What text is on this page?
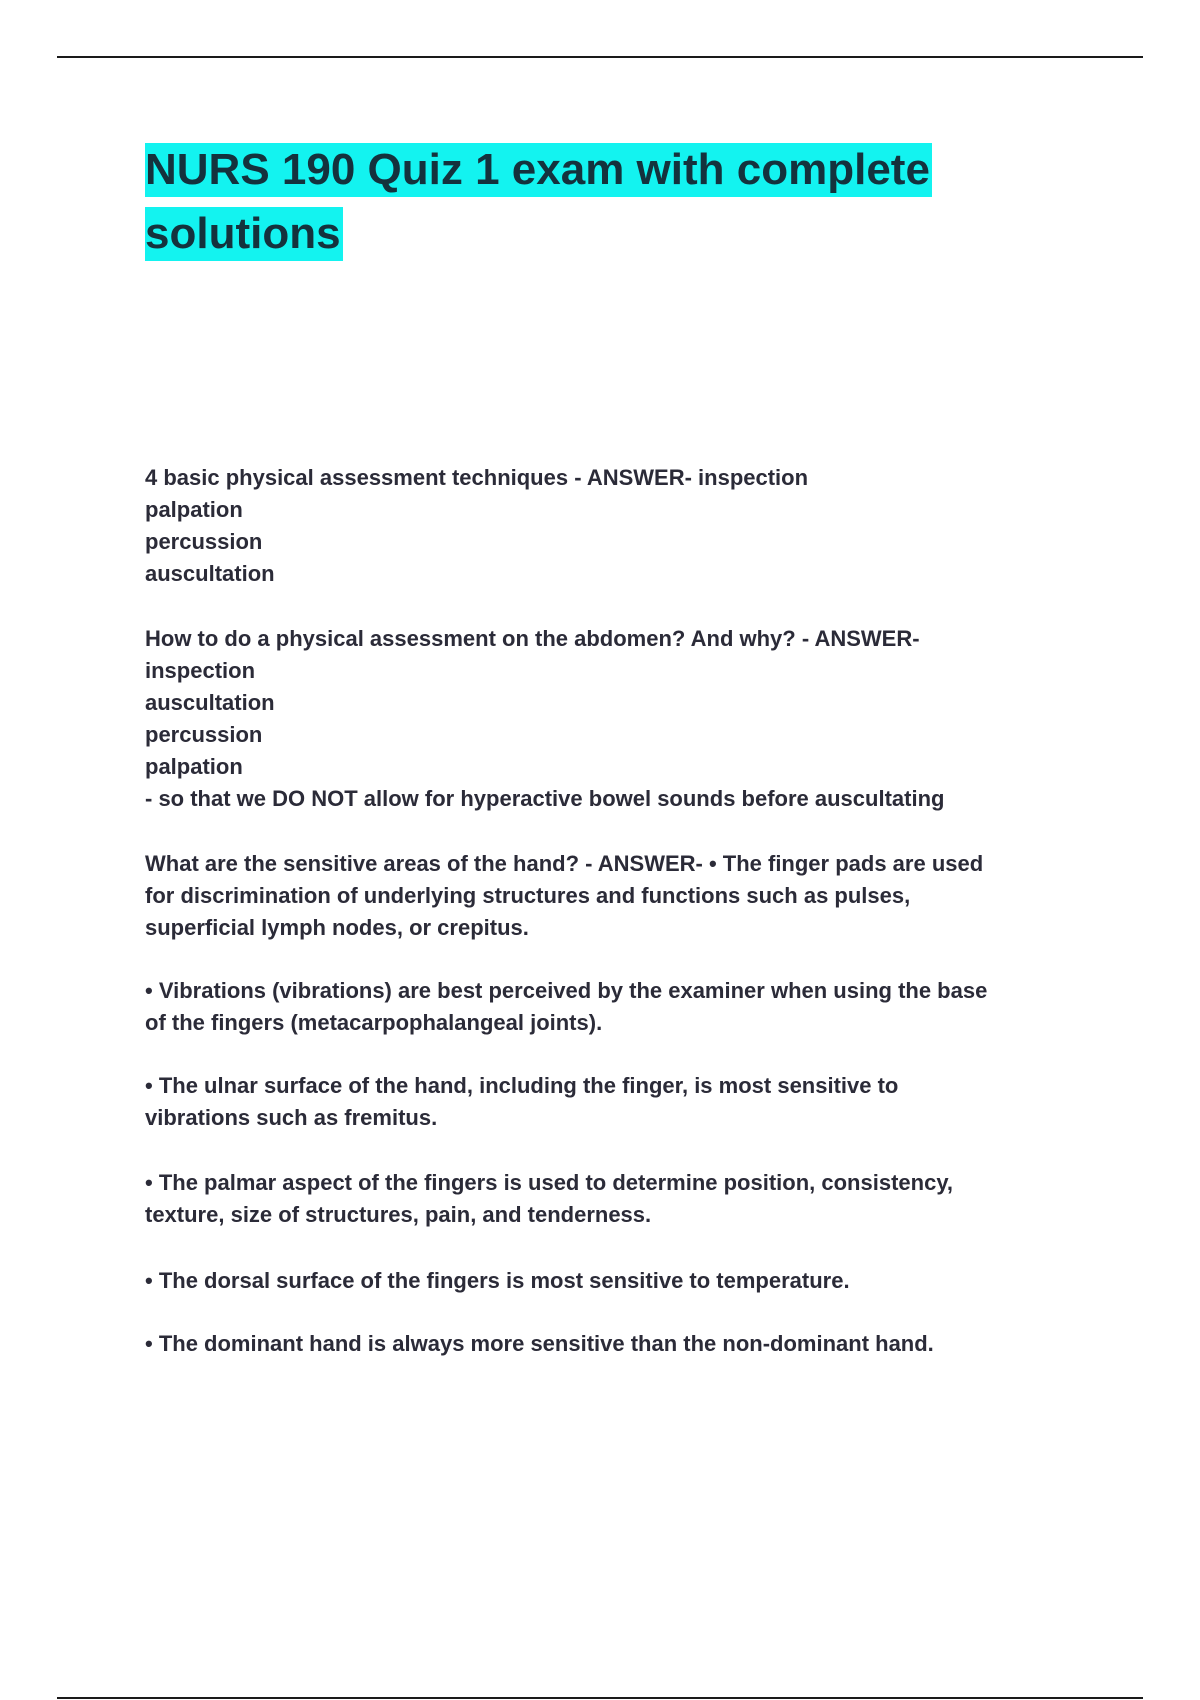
NURS 190 Quiz 1 exam with complete solutions

4 basic physical assessment techniques - ANSWER- inspection
palpation
percussion
auscultation

How to do a physical assessment on the abdomen? And why? - ANSWER-
inspection
auscultation
percussion
palpation
- so that we DO NOT allow for hyperactive bowel sounds before auscultating

What are the sensitive areas of the hand? - ANSWER- • The finger pads are used
for discrimination of underlying structures and functions such as pulses,
superficial lymph nodes, or crepitus.

• Vibrations (vibrations) are best perceived by the examiner when using the base
of the fingers (metacarpophalangeal joints).

• The ulnar surface of the hand, including the finger, is most sensitive to
vibrations such as fremitus.

• The palmar aspect of the fingers is used to determine position, consistency,
texture, size of structures, pain, and tenderness.

• The dorsal surface of the fingers is most sensitive to temperature.

• The dominant hand is always more sensitive than the non-dominant hand.
